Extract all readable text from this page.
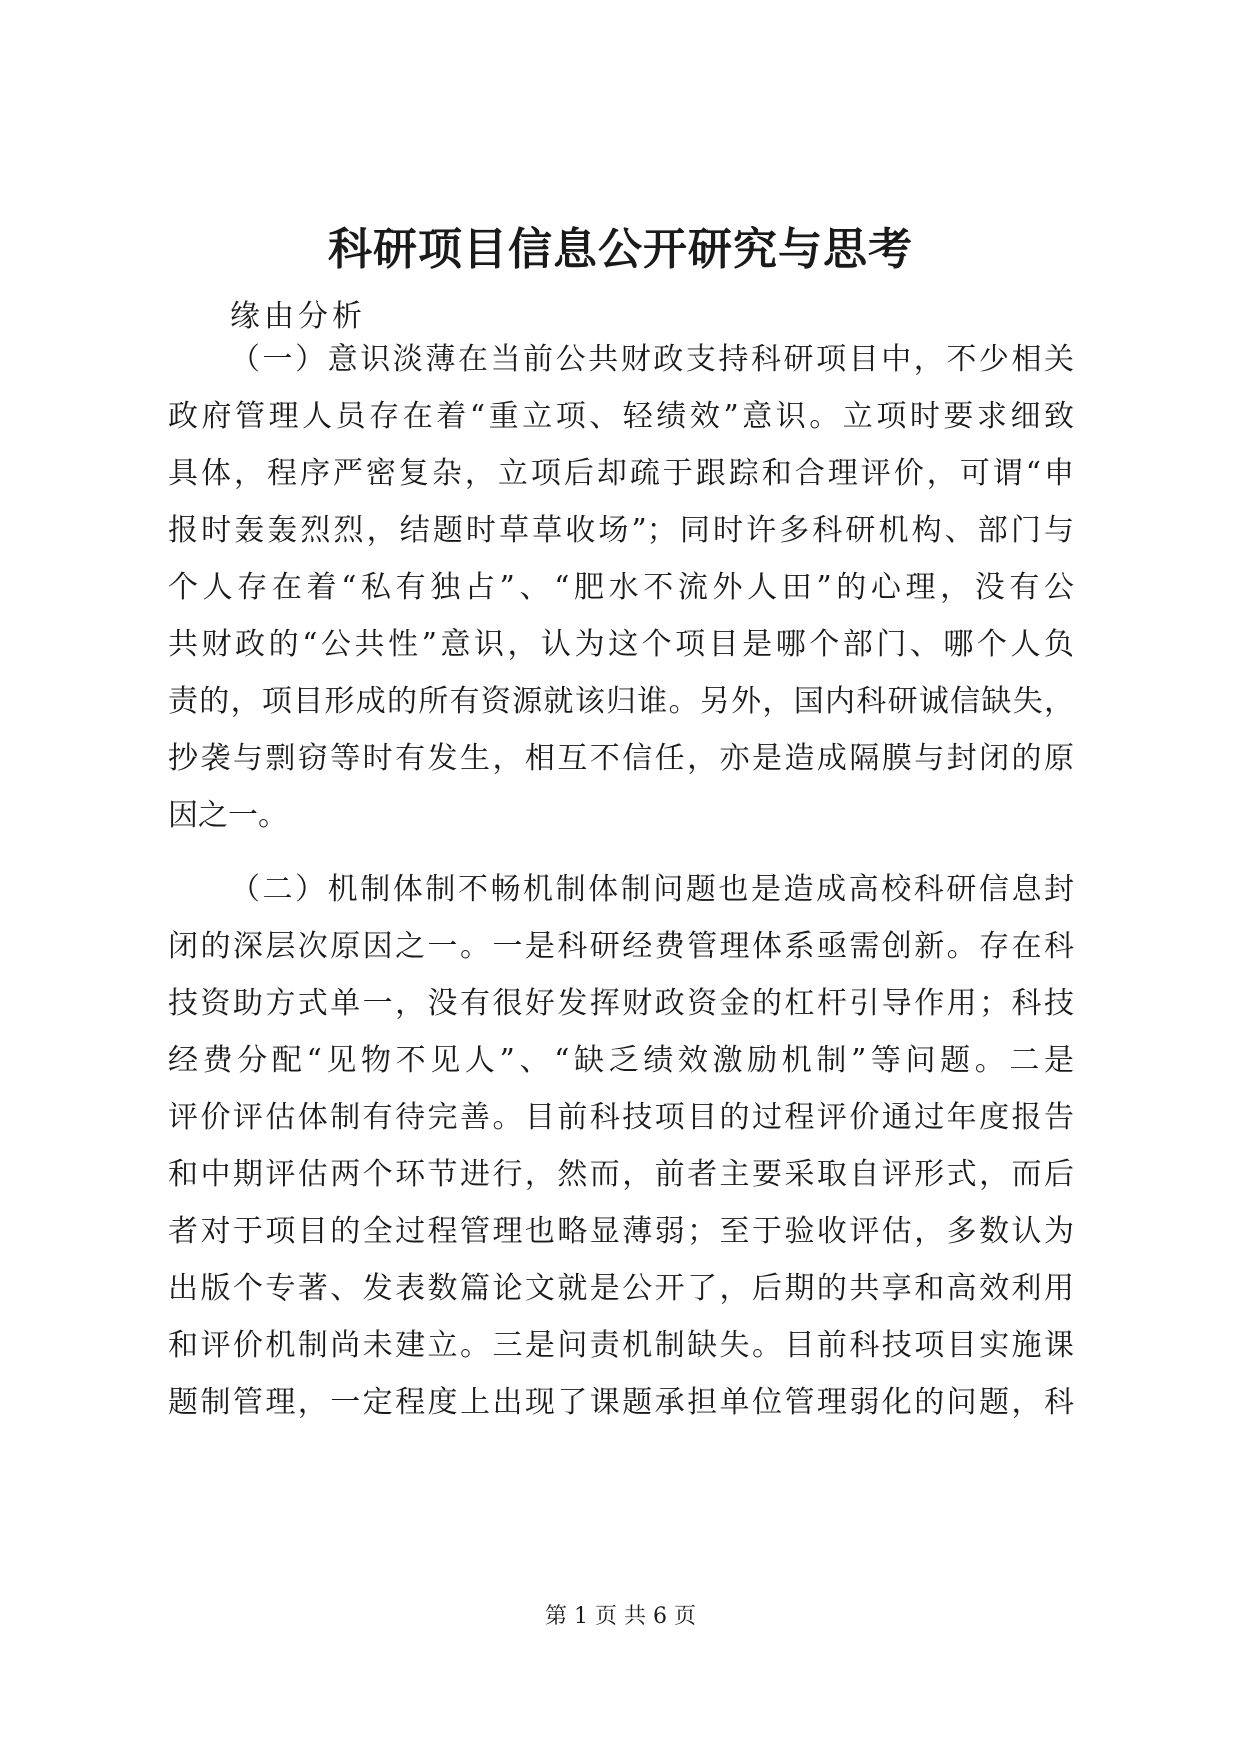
科研项目信息公开研究与思考
缘由分析
（一）意识淡薄在当前公共财政支持科研项目中，不少相关
政府管理人员存在着“重立项、轻绩效”意识。立项时要求细致
具体，程序严密复杂，立项后却疏于跟踪和合理评价，可谓“申
报时轰轰烈烈，结题时草草收场”；同时许多科研机构、部门与
个人存在着“私有独占”、“肥水不流外人田”的心理，没有公
共财政的“公共性”意识，认为这个项目是哪个部门、哪个人负
责的，项目形成的所有资源就该归谁。另外，国内科研诚信缺失，
抄袭与剽窃等时有发生，相互不信任，亦是造成隔膜与封闭的原
因之一。
（二）机制体制不畅机制体制问题也是造成高校科研信息封
闭的深层次原因之一。一是科研经费管理体系亟需创新。存在科
技资助方式单一，没有很好发挥财政资金的杠杆引导作用；科技
经费分配“见物不见人”、“缺乏绩效激励机制”等问题。二是
评价评估体制有待完善。目前科技项目的过程评价通过年度报告
和中期评估两个环节进行，然而，前者主要采取自评形式，而后
者对于项目的全过程管理也略显薄弱；至于验收评估，多数认为
出版个专著、发表数篇论文就是公开了，后期的共享和高效利用
和评价机制尚未建立。三是问责机制缺失。目前科技项目实施课
题制管理，一定程度上出现了课题承担单位管理弱化的问题，科
第 1 页 共 6 页
